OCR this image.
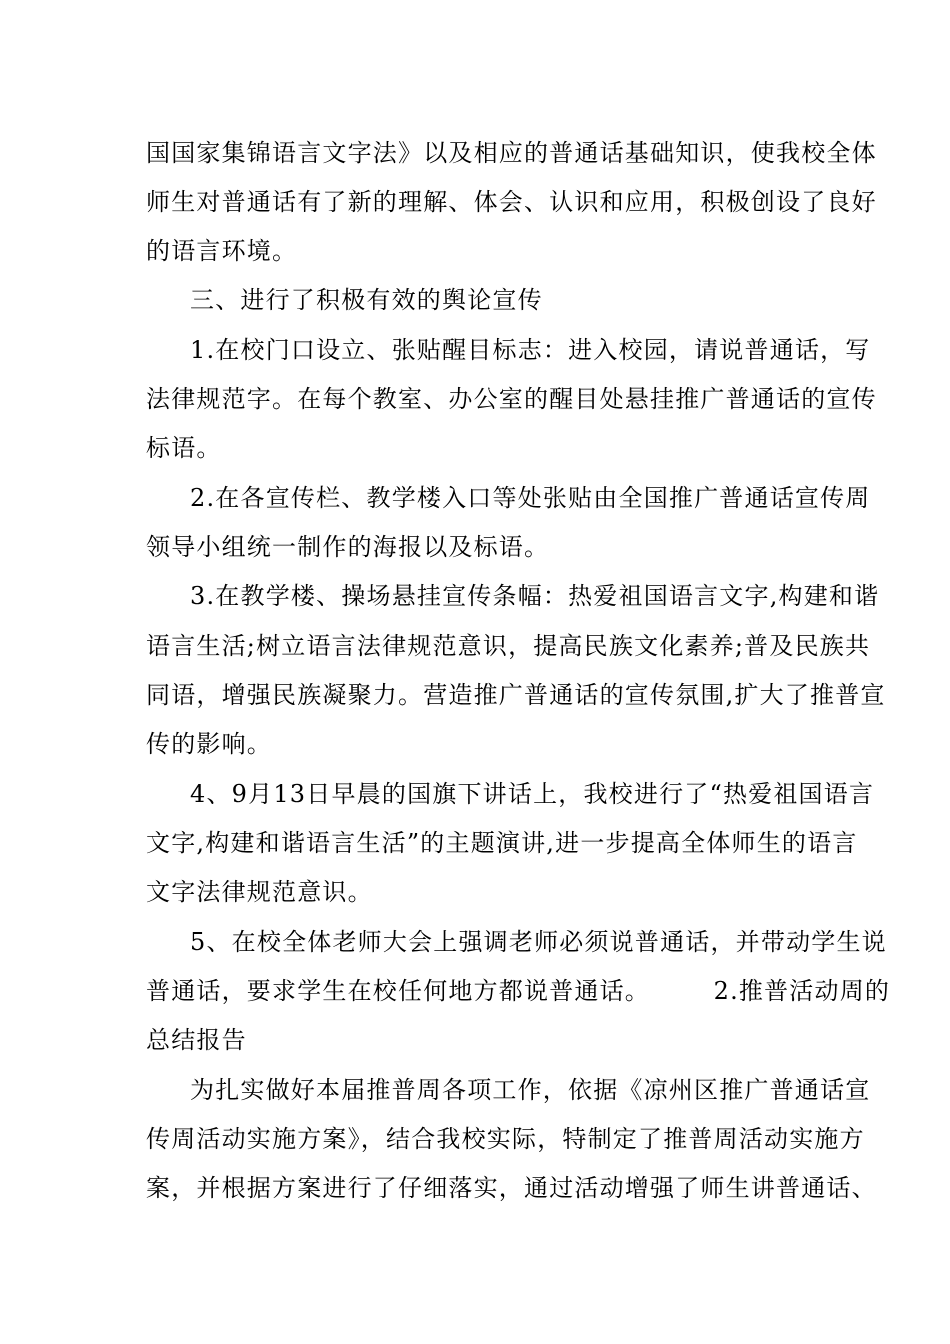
国国家集锦语言文字法》以及相应的普通话基础知识，使我校全体
师生对普通话有了新的理解、体会、认识和应用，积极创设了良好
的语言环境。
三、进行了积极有效的舆论宣传
1.在校门口设立、张贴醒目标志：进入校园，请说普通话，写
法律规范字。在每个教室、办公室的醒目处悬挂推广普通话的宣传
标语。
2.在各宣传栏、教学楼入口等处张贴由全国推广普通话宣传周
领导小组统一制作的海报以及标语。
3.在教学楼、操场悬挂宣传条幅：热爱祖国语言文字,构建和谐
语言生活;树立语言法律规范意识，提高民族文化素养;普及民族共
同语，增强民族凝聚力。营造推广普通话的宣传氛围,扩大了推普宣
传的影响。
4、9月13日早晨的国旗下讲话上，我校进行了“热爱祖国语言
文字,构建和谐语言生活”的主题演讲,进一步提高全体师生的语言
文字法律规范意识。
5、在校全体老师大会上强调老师必须说普通话，并带动学生说
普通话，要求学生在校任何地方都说普通话。　　　2.推普活动周的
总结报告
为扎实做好本届推普周各项工作，依据《凉州区推广普通话宣
传周活动实施方案》，结合我校实际，特制定了推普周活动实施方
案，并根据方案进行了仔细落实，通过活动增强了师生讲普通话、
